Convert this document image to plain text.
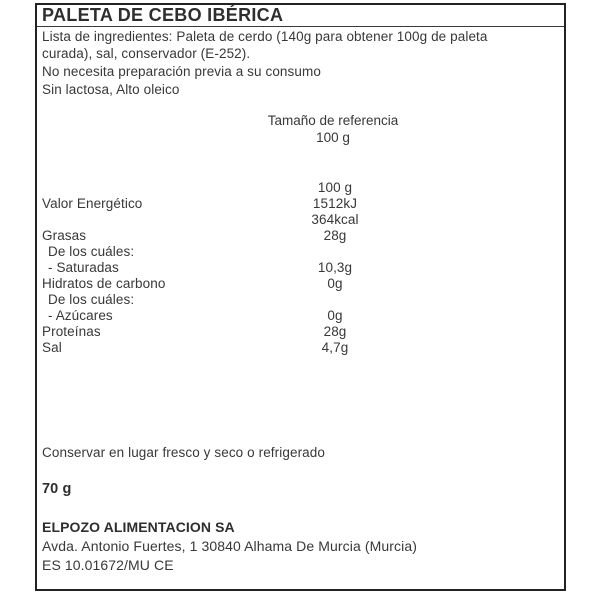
PALETA DE CEBO IBÉRICA
Lista de ingredientes: Paleta de cerdo (140g para obtener 100g de paleta
curada), sal, conservador (E-252).
No necesita preparación previa a su consumo
Sin lactosa, Alto oleico
Tamaño de referencia
100 g
100 g
Valor Energético	1512kJ
364kcal
Grasas	28g
De los cuáles:
- Saturadas	10,3g
Hidratos de carbono	0g
De los cuáles:
- Azúcares	0g
Proteínas	28g
Sal	4,7g
Conservar en lugar fresco y seco o refrigerado
70 g
ELPOZO ALIMENTACION SA
Avda. Antonio Fuertes, 1 30840 Alhama De Murcia (Murcia)
ES 10.01672/MU CE
